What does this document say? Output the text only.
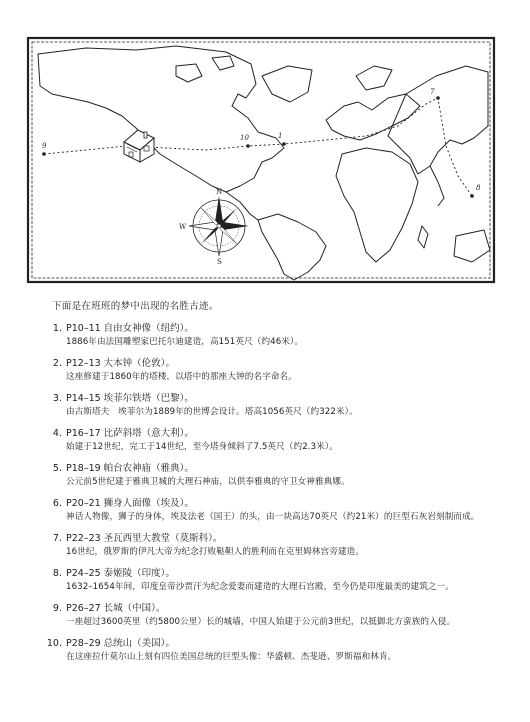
9
10	1
7
8
N
W
S
下面是在班班的梦中出现的名胜古迹。
1. P10–11 自由女神像（纽约）。
1886年由法国雕塑家巴托尔迪建造，高151英尺（约46米）。
2. P12–13 大本钟（伦敦）。
这座修建于1860年的塔楼，以塔中的那座大钟的名字命名。
3. P14–15 埃菲尔铁塔（巴黎）。
由古斯塔夫　埃菲尔为1889年的世博会设计。塔高1056英尺（约322米）。
4. P16–17 比萨斜塔（意大利）。
始建于12世纪，完工于14世纪，至今塔身倾斜了7.5英尺（约2.3米）。
5. P18–19 帕台农神庙（雅典）。
公元前5世纪建于雅典卫城的大理石神庙，以供奉雅典的守卫女神雅典娜。
6. P20–21 狮身人面像（埃及）。
神话人物像，狮子的身体，埃及法老（国王）的头，由一块高达70英尺（约21米）的巨型石灰岩刻制而成。
7. P22–23 圣瓦西里大教堂（莫斯科）。
16世纪，俄罗斯的伊凡大帝为纪念打败鞑靼人的胜利而在克里姆林宫旁建造。
8. P24–25 泰姬陵（印度）。
1632–1654年间，印度皇帝沙贾汗为纪念爱妻而建造的大理石宫殿，至今仍是印度最美的建筑之一。
9. P26–27 长城（中国）。
一座超过3600英里（约5800公里）长的城墙，中国人始建于公元前3世纪，以抵御北方蛮族的入侵。
10. P28–29 总统山（美国）。
在这座拉什莫尔山上刻有四位美国总统的巨型头像：华盛顿、杰斐逊、罗斯福和林肯。
